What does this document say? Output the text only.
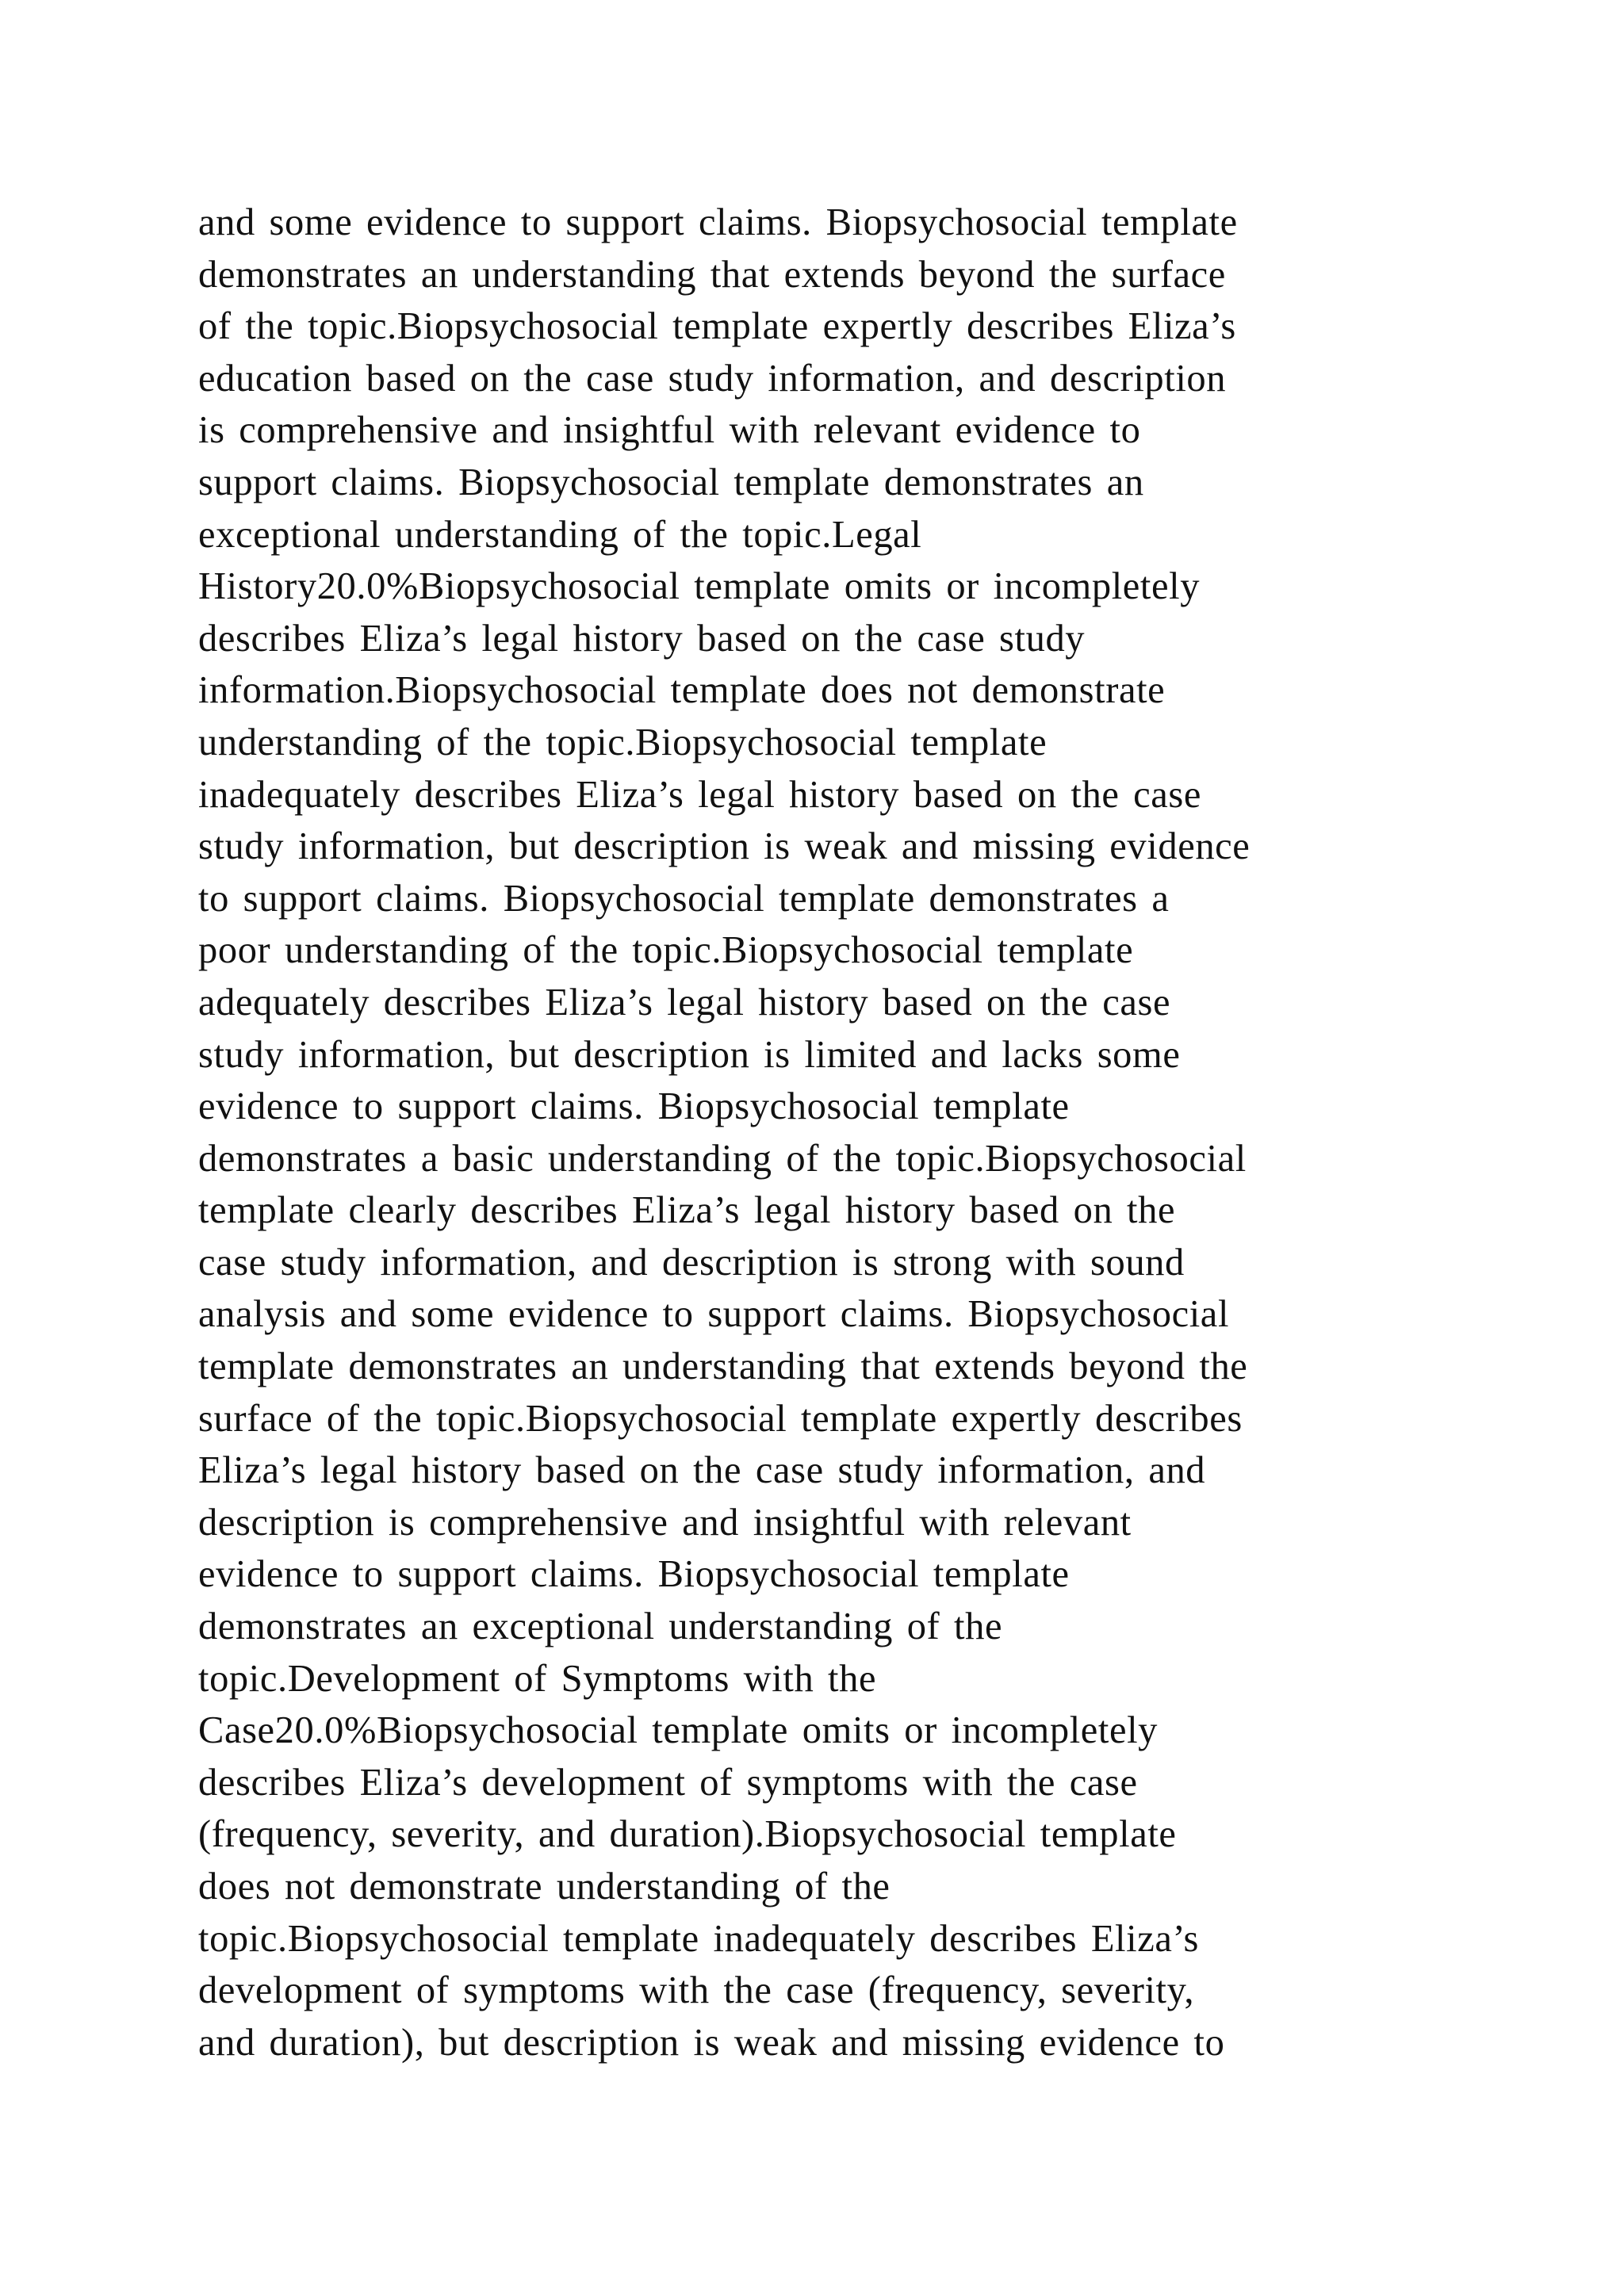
and some evidence to support claims. Biopsychosocial template
demonstrates an understanding that extends beyond the surface
of the topic.Biopsychosocial template expertly describes Eliza’s
education based on the case study information, and description
is comprehensive and insightful with relevant evidence to
support claims. Biopsychosocial template demonstrates an
exceptional understanding of the topic.Legal
History20.0%Biopsychosocial template omits or incompletely
describes Eliza’s legal history based on the case study
information.Biopsychosocial template does not demonstrate
understanding of the topic.Biopsychosocial template
inadequately describes Eliza’s legal history based on the case
study information, but description is weak and missing evidence
to support claims. Biopsychosocial template demonstrates a
poor understanding of the topic.Biopsychosocial template
adequately describes Eliza’s legal history based on the case
study information, but description is limited and lacks some
evidence to support claims. Biopsychosocial template
demonstrates a basic understanding of the topic.Biopsychosocial
template clearly describes Eliza’s legal history based on the
case study information, and description is strong with sound
analysis and some evidence to support claims. Biopsychosocial
template demonstrates an understanding that extends beyond the
surface of the topic.Biopsychosocial template expertly describes
Eliza’s legal history based on the case study information, and
description is comprehensive and insightful with relevant
evidence to support claims. Biopsychosocial template
demonstrates an exceptional understanding of the
topic.Development of Symptoms with the
Case20.0%Biopsychosocial template omits or incompletely
describes Eliza’s development of symptoms with the case
(frequency, severity, and duration).Biopsychosocial template
does not demonstrate understanding of the
topic.Biopsychosocial template inadequately describes Eliza’s
development of symptoms with the case (frequency, severity,
and duration), but description is weak and missing evidence to
